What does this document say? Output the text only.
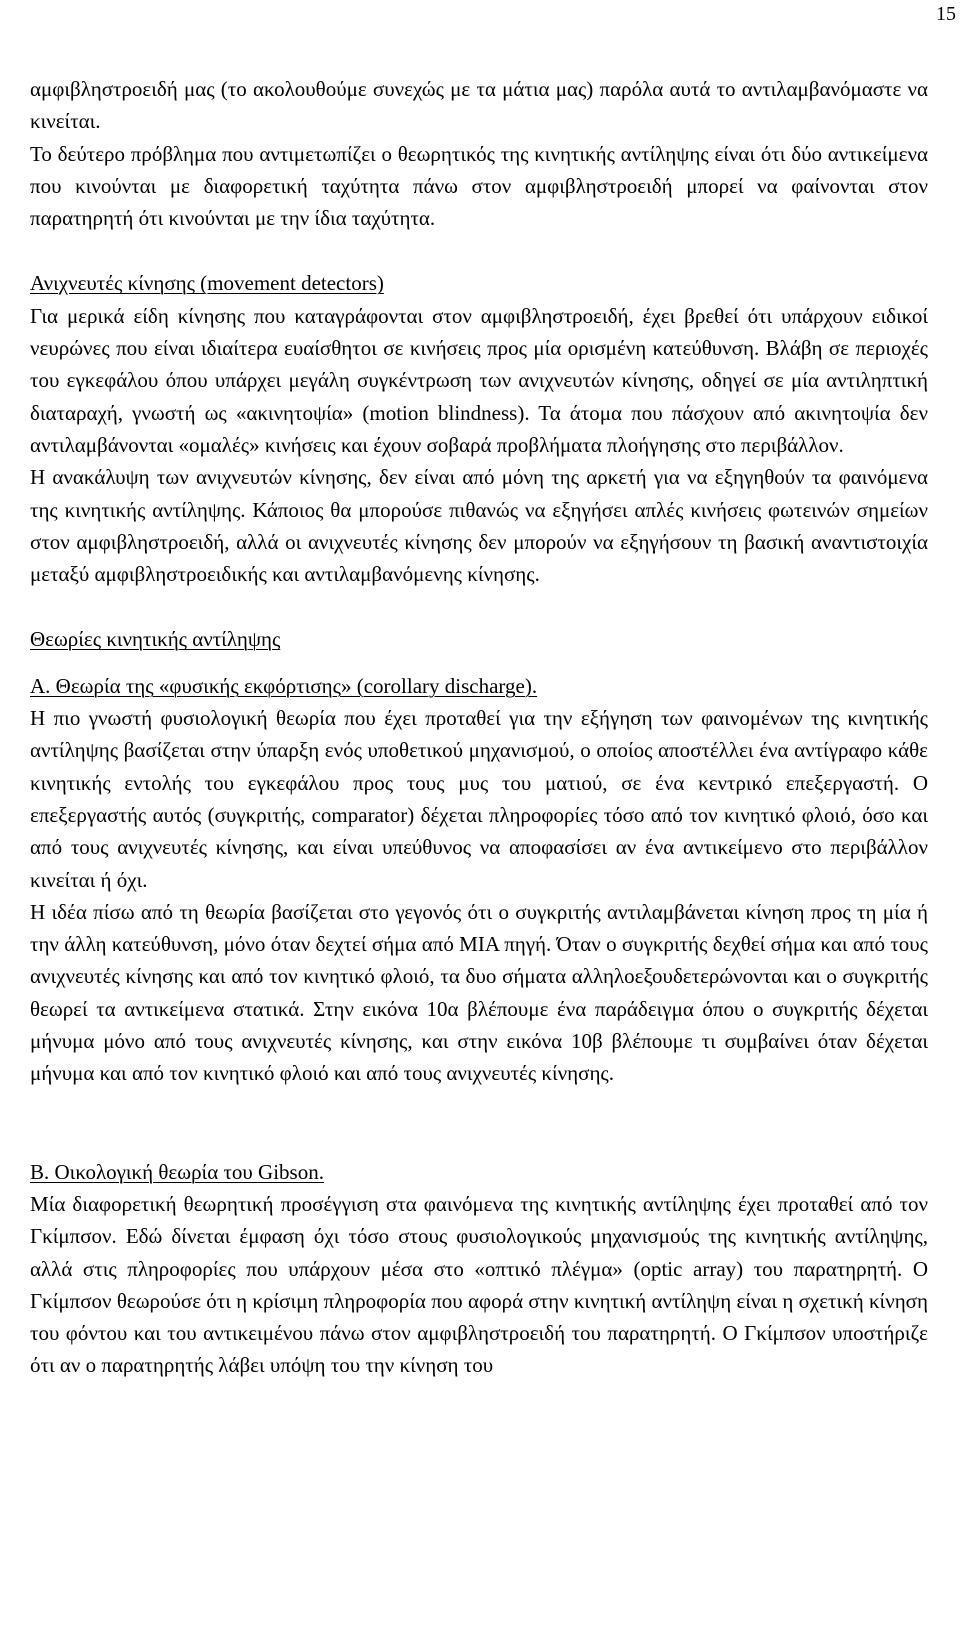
15

αμφιβληστροειδή μας (το ακολουθούμε συνεχώς με τα μάτια μας) παρόλα αυτά το αντιλαμβανόμαστε να κινείται.

Το δεύτερο πρόβλημα που αντιμετωπίζει ο θεωρητικός της κινητικής αντίληψης είναι ότι δύο αντικείμενα που κινούνται με διαφορετική ταχύτητα πάνω στον αμφιβληστροειδή μπορεί να φαίνονται στον παρατηρητή ότι κινούνται με την ίδια ταχύτητα.

Ανιχνευτές κίνησης (movement detectors)

Για μερικά είδη κίνησης που καταγράφονται στον αμφιβληστροειδή, έχει βρεθεί ότι υπάρχουν ειδικοί νευρώνες που είναι ιδιαίτερα ευαίσθητοι σε κινήσεις προς μία ορισμένη κατεύθυνση. Βλάβη σε περιοχές του εγκεφάλου όπου υπάρχει μεγάλη συγκέντρωση των ανιχνευτών κίνησης, οδηγεί σε μία αντιληπτική διαταραχή, γνωστή ως «ακινητοψία» (motion blindness). Τα άτομα που πάσχουν από ακινητοψία δεν αντιλαμβάνονται «ομαλές» κινήσεις και έχουν σοβαρά προβλήματα πλοήγησης στο περιβάλλον.

Η ανακάλυψη των ανιχνευτών κίνησης, δεν είναι από μόνη της αρκετή για να εξηγηθούν τα φαινόμενα της κινητικής αντίληψης. Κάποιος θα μπορούσε πιθανώς να εξηγήσει απλές κινήσεις φωτεινών σημείων στον αμφιβληστροειδή, αλλά οι ανιχνευτές κίνησης δεν μπορούν να εξηγήσουν τη βασική αναντιστοιχία μεταξύ αμφιβληστροειδικής και αντιλαμβανόμενης κίνησης.

Θεωρίες κινητικής αντίληψης

Α. Θεωρία της «φυσικής εκφόρτισης» (corollary discharge).

Η πιο γνωστή φυσιολογική θεωρία που έχει προταθεί για την εξήγηση των φαινομένων της κινητικής αντίληψης βασίζεται στην ύπαρξη ενός υποθετικού μηχανισμού, ο οποίος αποστέλλει ένα αντίγραφο κάθε κινητικής εντολής του εγκεφάλου προς τους μυς του ματιού, σε ένα κεντρικό επεξεργαστή. Ο επεξεργαστής αυτός (συγκριτής, comparator) δέχεται πληροφορίες τόσο από τον κινητικό φλοιό, όσο και από τους ανιχνευτές κίνησης, και είναι υπεύθυνος να αποφασίσει αν ένα αντικείμενο στο περιβάλλον κινείται ή όχι.

Η ιδέα πίσω από τη θεωρία βασίζεται στο γεγονός ότι ο συγκριτής αντιλαμβάνεται κίνηση προς τη μία ή την άλλη κατεύθυνση, μόνο όταν δεχτεί σήμα από ΜΙΑ πηγή. Όταν ο συγκριτής δεχθεί σήμα και από τους ανιχνευτές κίνησης και από τον κινητικό φλοιό, τα δυο σήματα αλληλοεξουδετερώνονται και ο συγκριτής θεωρεί τα αντικείμενα στατικά. Στην εικόνα 10α βλέπουμε ένα παράδειγμα όπου ο συγκριτής δέχεται μήνυμα μόνο από τους ανιχνευτές κίνησης, και στην εικόνα 10β βλέπουμε τι συμβαίνει όταν δέχεται μήνυμα και από τον κινητικό φλοιό και από τους ανιχνευτές κίνησης.

Β. Οικολογική θεωρία του Gibson.

Μία διαφορετική θεωρητική προσέγγιση στα φαινόμενα της κινητικής αντίληψης έχει προταθεί από τον Γκίμπσον. Εδώ δίνεται έμφαση όχι τόσο στους φυσιολογικούς μηχανισμούς της κινητικής αντίληψης, αλλά στις πληροφορίες που υπάρχουν μέσα στο «οπτικό πλέγμα» (optic array) του παρατηρητή. Ο Γκίμπσον θεωρούσε ότι η κρίσιμη πληροφορία που αφορά στην κινητική αντίληψη είναι η σχετική κίνηση του φόντου και του αντικειμένου πάνω στον αμφιβληστροειδή του παρατηρητή. Ο Γκίμπσον υποστήριζε ότι αν ο παρατηρητής λάβει υπόψη του την κίνηση του
